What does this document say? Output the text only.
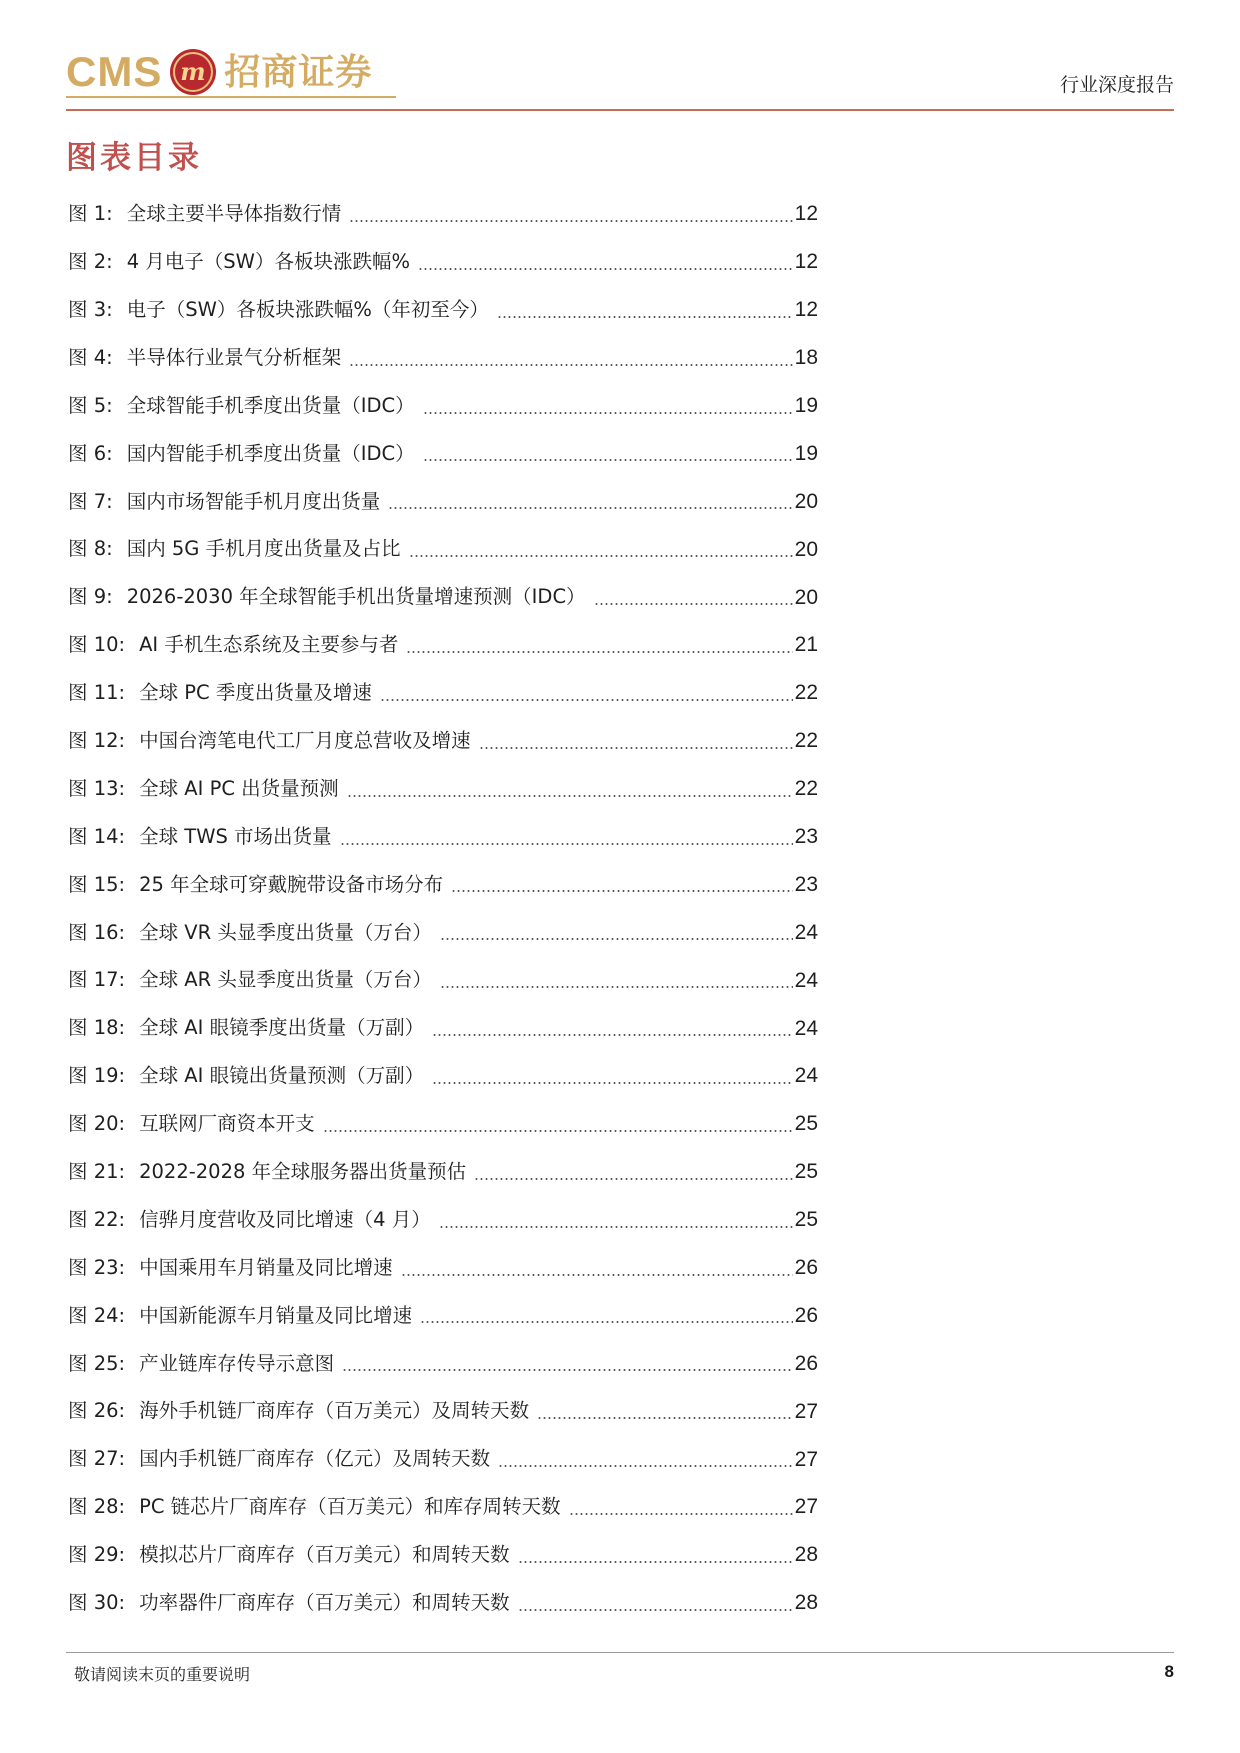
CMS m 招商证券	行业深度报告
图表目录
图 1: 全球主要半导体指数行情	12
图 2: 4 月电子（SW）各板块涨跌幅%	12
图 3: 电子（SW）各板块涨跌幅%（年初至今）	12
图 4: 半导体行业景气分析框架	18
图 5: 全球智能手机季度出货量（IDC）	19
图 6: 国内智能手机季度出货量（IDC）	19
图 7: 国内市场智能手机月度出货量	20
图 8: 国内 5G 手机月度出货量及占比	20
图 9: 2026-2030 年全球智能手机出货量增速预测（IDC）	20
图 10: AI 手机生态系统及主要参与者	21
图 11: 全球 PC 季度出货量及增速	22
图 12: 中国台湾笔电代工厂月度总营收及增速	22
图 13: 全球 AI PC 出货量预测	22
图 14: 全球 TWS 市场出货量	23
图 15: 25 年全球可穿戴腕带设备市场分布	23
图 16: 全球 VR 头显季度出货量（万台）	24
图 17: 全球 AR 头显季度出货量（万台）	24
图 18: 全球 AI 眼镜季度出货量（万副）	24
图 19: 全球 AI 眼镜出货量预测（万副）	24
图 20: 互联网厂商资本开支	25
图 21: 2022-2028 年全球服务器出货量预估	25
图 22: 信骅月度营收及同比增速（4 月）	25
图 23: 中国乘用车月销量及同比增速	26
图 24: 中国新能源车月销量及同比增速	26
图 25: 产业链库存传导示意图	26
图 26: 海外手机链厂商库存（百万美元）及周转天数	27
图 27: 国内手机链厂商库存（亿元）及周转天数	27
图 28: PC 链芯片厂商库存（百万美元）和库存周转天数	27
图 29: 模拟芯片厂商库存（百万美元）和周转天数	28
图 30: 功率器件厂商库存（百万美元）和周转天数	28
敬请阅读末页的重要说明	8
